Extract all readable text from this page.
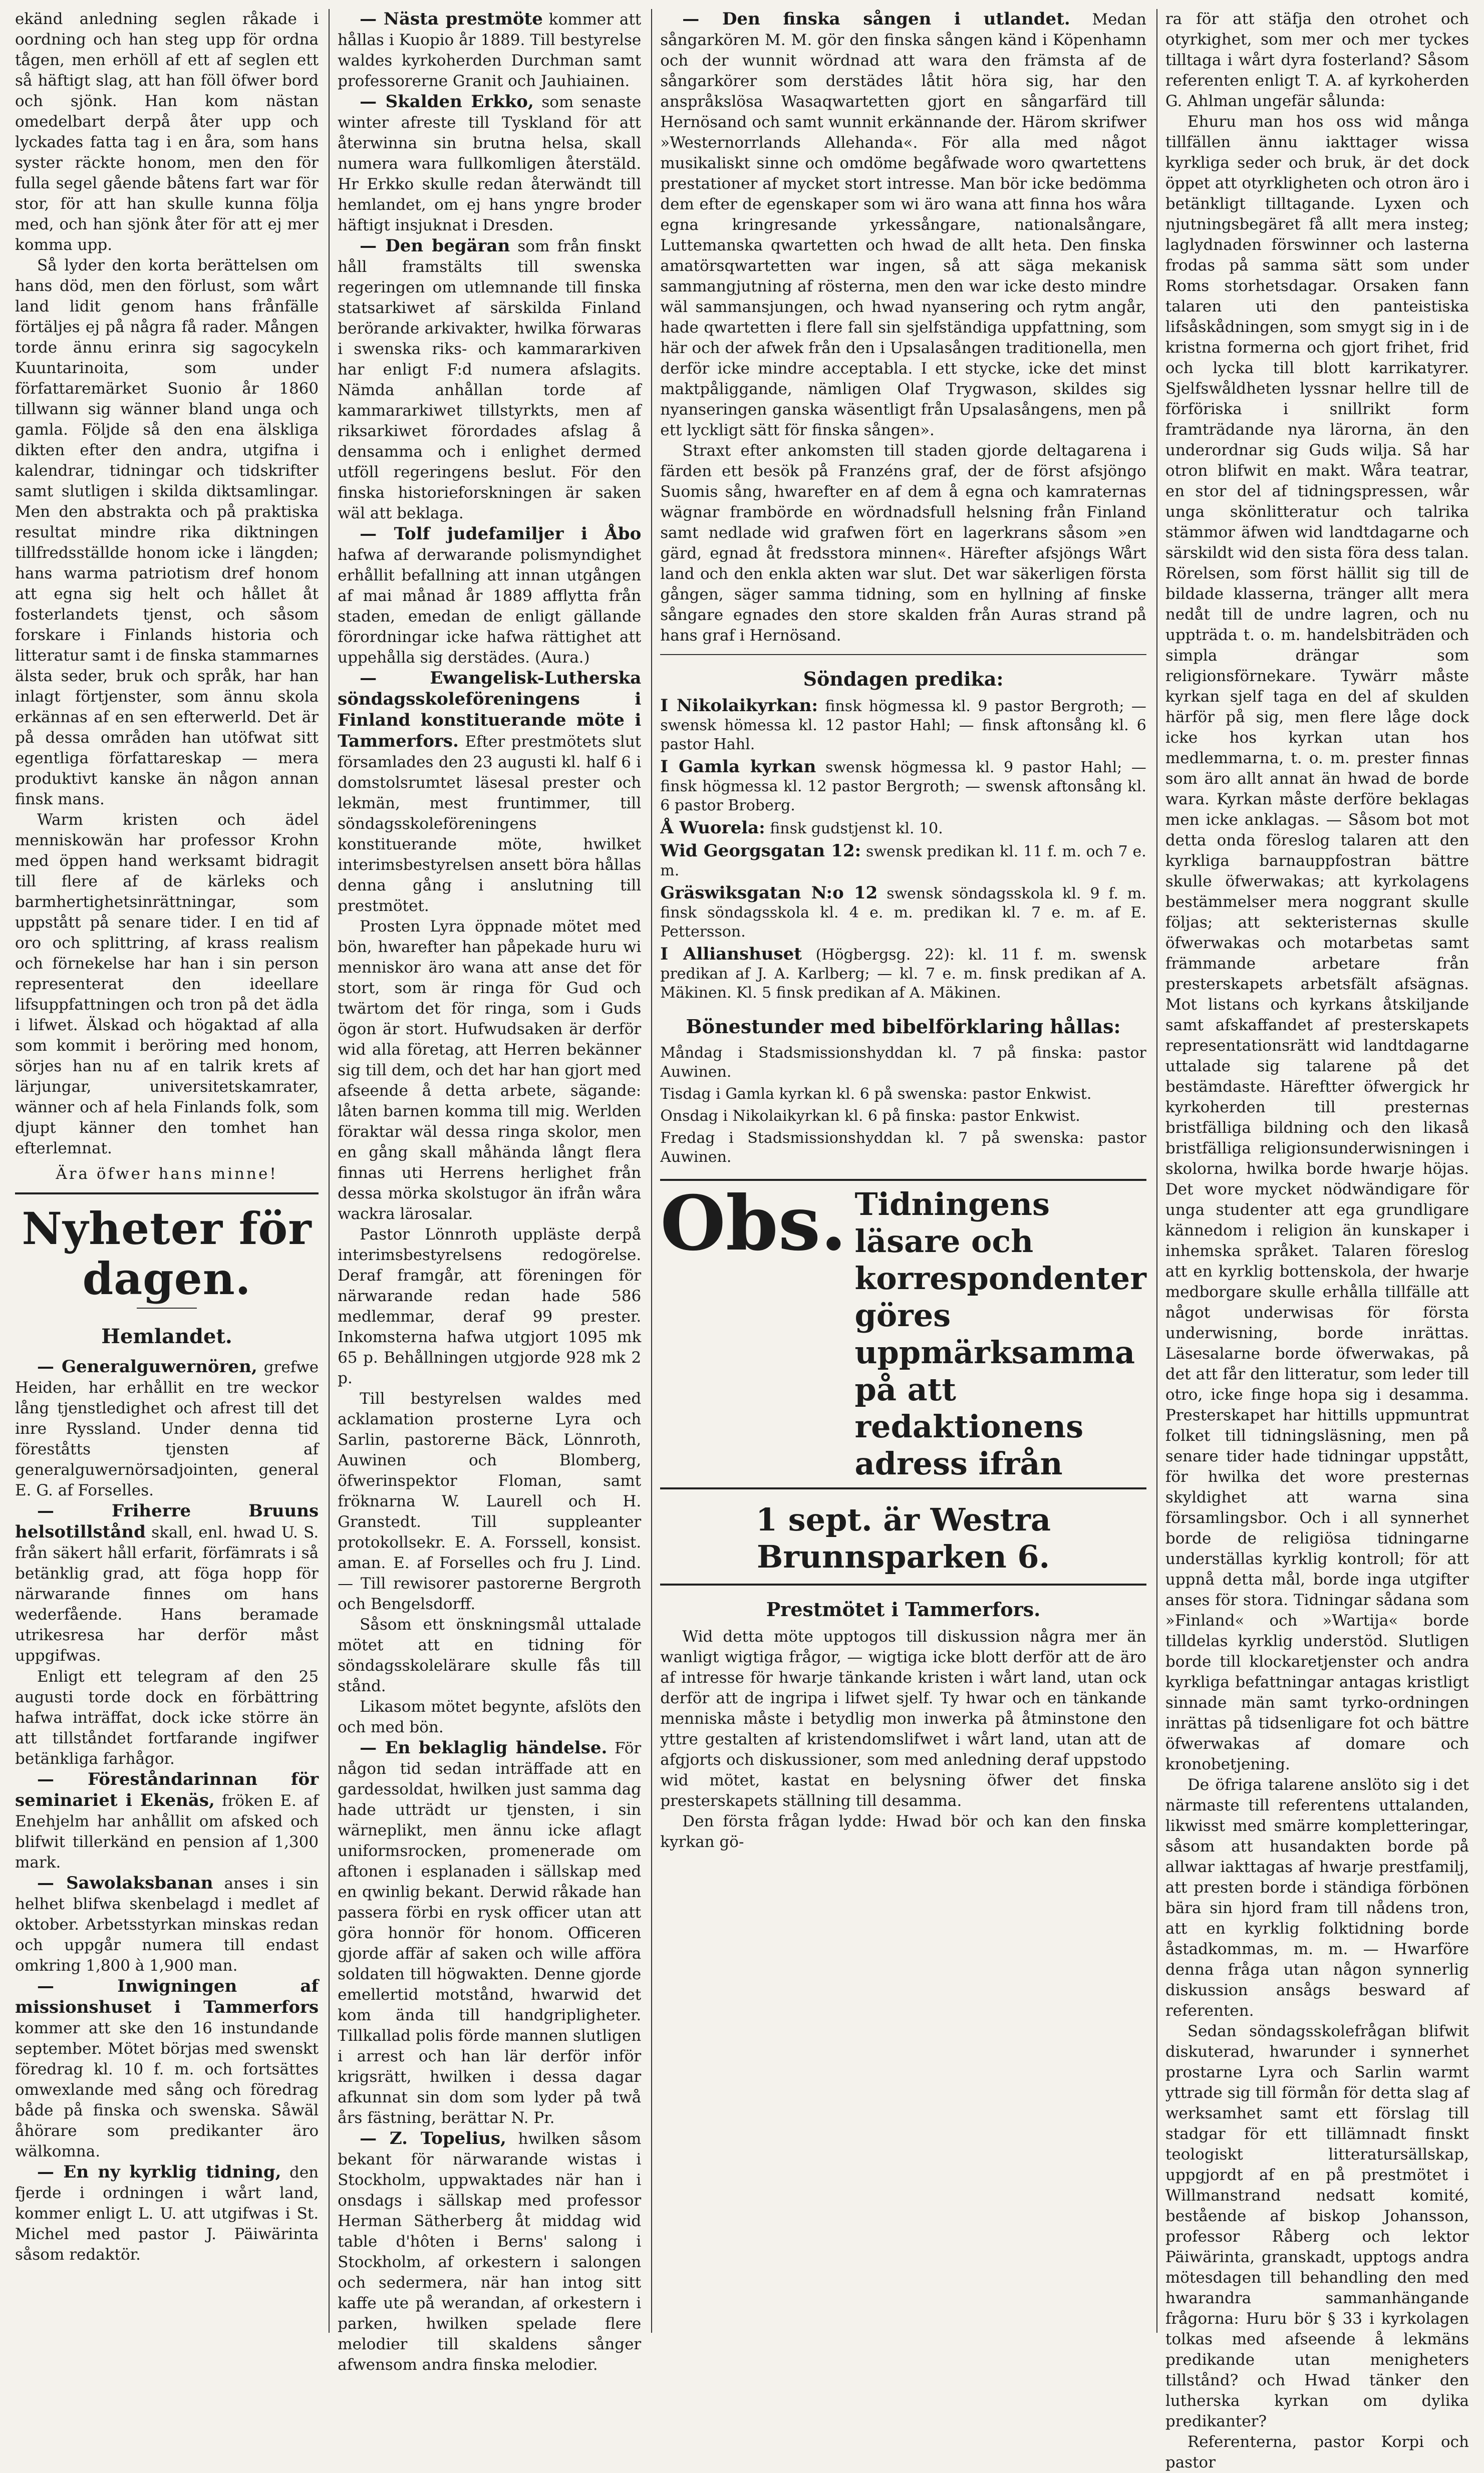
ekänd anledning seglen råkade i oordning och han steg upp för ordna tågen, men erhöll af ett af seglen ett så häftigt slag, att han föll öfwer bord och sjönk. Han kom nästan omedelbart derpå åter upp och lyckades fatta tag i en åra, som hans syster räckte honom, men den för fulla segel gående båtens fart war för stor, för att han skulle kunna följa med, och han sjönk åter för att ej mer komma upp.

Så lyder den korta berättelsen om hans död, men den förlust, som wårt land lidit genom hans frånfälle förtäljes ej på några få rader. Mången torde ännu erinra sig sagocykeln Kuuntarinoita, som under författaremärket Suonio år 1860 tillwann sig wänner bland unga och gamla. Följde så den ena älskliga dikten efter den andra, utgifna i kalendrar, tidningar och tidskrifter samt slutligen i skilda diktsamlingar. Men den abstrakta och på praktiska resultat mindre rika diktningen tillfredsställde honom icke i längden; hans warma patriotism dref honom att egna sig helt och hållet åt fosterlandets tjenst, och såsom forskare i Finlands historia och litteratur samt i de finska stammarnes älsta seder, bruk och språk, har han inlagt förtjenster, som ännu skola erkännas af en sen efterwerld. Det är på dessa områden han utöfwat sitt egentliga författareskap — mera produktivt kanske än någon annan finsk mans.

Warm kristen och ädel menniskowän har professor Krohn med öppen hand werksamt bidragit till flere af de kärleks och barmhertighetsinrättningar, som uppstått på senare tider. I en tid af oro och splittring, af krass realism och förnekelse har han i sin person representerat den ideellare lifsuppfattningen och tron på det ädla i lifwet. Älskad och högaktad af alla som kommit i beröring med honom, sörjes han nu af en talrik krets af lärjungar, universitetskamrater, wänner och af hela Finlands folk, som djupt känner den tomhet han efterlemnat.

Ära öfwer hans minne!

Nyheter för dagen.
Hemlandet.

— Generalguwernören, grefwe Heiden, har erhållit en tre weckor lång tjenstledighet och afrest till det inre Ryssland. Under denna tid föreståtts tjensten af generalguwernörsadjointen, general E. G. af Forselles.

— Friherre Bruuns helsotillstånd skall, enl. hwad U. S. från säkert håll erfarit, förfämrats i så betänklig grad, att föga hopp för närwarande finnes om hans wederfående. Hans beramade utrikesresa har derför måst uppgifwas.

Enligt ett telegram af den 25 augusti torde dock en förbättring hafwa inträffat, dock icke större än att tillståndet fortfarande ingifwer betänkliga farhågor.

— Föreståndarinnan för seminariet i Ekenäs, fröken E. af Enehjelm har anhållit om afsked och blifwit tillerkänd en pension af 1,300 mark.

— Sawolaksbanan anses i sin helhet blifwa skenbelagd i medlet af oktober. Arbetsstyrkan minskas redan och uppgår numera till endast omkring 1,800 à 1,900 man.

— Inwigningen af missionshuset i Tammerfors kommer att ske den 16 instundande september. Mötet börjas med swenskt föredrag kl. 10 f. m. och fortsättes omwexlande med sång och föredrag både på finska och swenska. Såwäl åhörare som predikanter äro wälkomna.

— En ny kyrklig tidning, den fjerde i ordningen i wårt land, kommer enligt L. U. att utgifwas i St. Michel med pastor J. Päiwärinta såsom redaktör.

— Nästa prestmöte kommer att hållas i Kuopio år 1889. Till bestyrelse waldes kyrkoherden Durchman samt professorerne Granit och Jauhiainen.

— Skalden Erkko, som senaste winter afreste till Tyskland för att återwinna sin brutna helsa, skall numera wara fullkomligen återstäld. Hr Erkko skulle redan återwändt till hemlandet, om ej hans yngre broder häftigt insjuknat i Dresden.

— Den begäran som från finskt håll framstälts till swenska regeringen om utlemnande till finska statsarkiwet af särskilda Finland berörande arkivakter, hwilka förwaras i swenska riks- och kammararkiven har enligt F:d numera afslagits. Nämda anhållan torde af kammararkiwet tillstyrkts, men af riksarkiwet förordades afslag å densamma och i enlighet dermed utföll regeringens beslut. För den finska historieforskningen är saken wäl att beklaga.

— Tolf judefamiljer i Åbo hafwa af derwarande polismyndighet erhållit befallning att innan utgången af mai månad år 1889 afflytta från staden, emedan de enligt gällande förordningar icke hafwa rättighet att uppehålla sig derstädes. (Aura.)

— Ewangelisk-Lutherska söndagsskoleföreningens i Finland konstituerande möte i Tammerfors. Efter prestmötets slut församlades den 23 augusti kl. half 6 i domstolsrumtet läsesal prester och lekmän, mest fruntimmer, till söndagsskoleföreningens konstituerande möte, hwilket interimsbestyrelsen ansett böra hållas denna gång i anslutning till prestmötet.

Prosten Lyra öppnade mötet med bön, hwarefter han påpekade huru wi menniskor äro wana att anse det för stort, som är ringa för Gud och twärtom det för ringa, som i Guds ögon är stort. Hufwudsaken är derför wid alla företag, att Herren bekänner sig till dem, och det har han gjort med afseende å detta arbete, sägande: låten barnen komma till mig. Werlden föraktar wäl dessa ringa skolor, men en gång skall måhända långt flera finnas uti Herrens herlighet från dessa mörka skolstugor än ifrån wåra wackra lärosalar.

Pastor Lönnroth uppläste derpå interimsbestyrelsens redogörelse. Deraf framgår, att föreningen för närwarande redan hade 586 medlemmar, deraf 99 prester. Inkomsterna hafwa utgjort 1095 mk 65 p. Behållningen utgjorde 928 mk 2 p.

Till bestyrelsen waldes med acklamation prosterne Lyra och Sarlin, pastorerne Bäck, Lönnroth, Auwinen och Blomberg, öfwerinspektor Floman, samt fröknarna W. Laurell och H. Granstedt. Till suppleanter protokollsekr. E. A. Forssell, konsist. aman. E. af Forselles och fru J. Lind. — Till rewisorer pastorerne Bergroth och Bengelsdorff.

Såsom ett önskningsmål uttalade mötet att en tidning för söndagsskolelärare skulle fås till stånd.

Likasom mötet begynte, afslöts den och med bön.

— En beklaglig händelse. För någon tid sedan inträffade att en gardessoldat, hwilken just samma dag hade utträdt ur tjensten, i sin wärneplikt, men ännu icke aflagt uniformsrocken, promenerade om aftonen i esplanaden i sällskap med en qwinlig bekant. Derwid råkade han passera förbi en rysk officer utan att göra honnör för honom. Officeren gjorde affär af saken och wille afföra soldaten till högwakten. Denne gjorde emellertid motstånd, hwarwid det kom ända till handgripligheter. Tillkallad polis förde mannen slutligen i arrest och han lär derför inför krigsrätt, hwilken i dessa dagar afkunnat sin dom som lyder på twå års fästning, berättar N. Pr.

— Z. Topelius, hwilken såsom bekant för närwarande wistas i Stockholm, uppwaktades när han i onsdags i sällskap med professor Herman Sätherberg åt middag wid table d'hôten i Berns' salong i Stockholm, af orkestern i salongen och sedermera, när han intog sitt kaffe ute på werandan, af orkestern i parken, hwilken spelade flere melodier till skaldens sånger afwensom andra finska melodier.

— Den finska sången i utlandet. Medan sångarkören M. M. gör den finska sången känd i Köpenhamn och der wunnit wördnad att wara den främsta af de sångarkörer som derstädes låtit höra sig, har den anspråkslösa Wasaqwartetten gjort en sångarfärd till Hernösand och samt wunnit erkännande der. Härom skrifwer »Westernorrlands Allehanda«. För alla med något musikaliskt sinne och omdöme begåfwade woro qwartettens prestationer af mycket stort intresse. Man bör icke bedömma dem efter de egenskaper som wi äro wana att finna hos wåra egna kringresande yrkessångare, nationalsångare, Luttemanska qwartetten och hwad de allt heta. Den finska amatörsqwartetten war ingen, så att säga mekanisk sammangjutning af rösterna, men den war icke desto mindre wäl sammansjungen, och hwad nyansering och rytm angår, hade qwartetten i flere fall sin sjelfständiga uppfattning, som här och der afwek från den i Upsalasången traditionella, men derför icke mindre acceptabla. I ett stycke, icke det minst maktpåliggande, nämligen Olaf Trygwason, skildes sig nyanseringen ganska wäsentligt från Upsalasångens, men på ett lyckligt sätt för finska sången».

Straxt efter ankomsten till staden gjorde deltagarena i färden ett besök på Franzéns graf, der de först afsjöngo Suomis sång, hwarefter en af dem å egna och kamraternas wägnar frambörde en wördnadsfull helsning från Finland samt nedlade wid grafwen fört en lagerkrans såsom »en gärd, egnad åt fredsstora minnen«. Härefter afsjöngs Wårt land och den enkla akten war slut. Det war säkerligen första gången, säger samma tidning, som en hyllning af finske sångare egnades den store skalden från Auras strand på hans graf i Hernösand.

Söndagen predika:

I Nikolaikyrkan: finsk högmessa kl. 9 pastor Bergroth; — swensk hömessa kl. 12 pastor Hahl; — finsk aftonsång kl. 6 pastor Hahl.

I Gamla kyrkan swensk högmessa kl. 9 pastor Hahl; — finsk högmessa kl. 12 pastor Bergroth; — swensk aftonsång kl. 6 pastor Broberg.

Å Wuorela: finsk gudstjenst kl. 10.

Wid Georgsgatan 12: swensk predikan kl. 11 f. m. och 7 e. m.

Gräswiksgatan N:o 12 swensk söndagsskola kl. 9 f. m. finsk söndagsskola kl. 4 e. m. predikan kl. 7 e. m. af E. Pettersson.

I Allianshuset (Högbergsg. 22): kl. 11 f. m. swensk predikan af J. A. Karlberg; — kl. 7 e. m. finsk predikan af A. Mäkinen. Kl. 5 finsk predikan af A. Mäkinen.

Bönestunder med bibelförklaring hållas:

Måndag i Stadsmissionshyddan kl. 7 på finska: pastor Auwinen.

Tisdag i Gamla kyrkan kl. 6 på swenska: pastor Enkwist.

Onsdag i Nikolaikyrkan kl. 6 på finska: pastor Enkwist.

Fredag i Stadsmissionshyddan kl. 7 på swenska: pastor Auwinen.

Obs. Tidningens läsare och korrespondenter göres uppmärksamma på att redaktionens adress ifrån
1 sept. är Westra Brunnsparken 6.
Prestmötet i Tammerfors.

Wid detta möte upptogos till diskussion några mer än wanligt wigtiga frågor, — wigtiga icke blott derför att de äro af intresse för hwarje tänkande kristen i wårt land, utan ock derför att de ingripa i lifwet sjelf. Ty hwar och en tänkande menniska måste i betydlig mon inwerka på åtminstone den yttre gestalten af kristendomslifwet i wårt land, utan att de afgjorts och diskussioner, som med anledning deraf uppstodo wid mötet, kastat en belysning öfwer det finska presterskapets ställning till desamma.

Den första frågan lydde: Hwad bör och kan den finska kyrkan gö-

ra för att stäfja den otrohet och otyrkighet, som mer och mer tyckes tilltaga i wårt dyra fosterland? Såsom referenten enligt T. A. af kyrkoherden G. Ahlman ungefär sålunda:

Ehuru man hos oss wid många tillfällen ännu iakttager wissa kyrkliga seder och bruk, är det dock öppet att otyrkligheten och otron äro i betänkligt tilltagande. Lyxen och njutningsbegäret få allt mera insteg; laglydnaden förswinner och lasterna frodas på samma sätt som under Roms storhetsdagar. Orsaken fann talaren uti den panteistiska lifsåskådningen, som smygt sig in i de kristna formerna och gjort frihet, frid och lycka till blott karrikatyrer. Sjelfswåldheten lyssnar hellre till de förföriska i snillrikt form framträdande nya lärorna, än den underordnar sig Guds wilja. Så har otron blifwit en makt. Wåra teatrar, en stor del af tidningspressen, wår unga skönlitteratur och talrika stämmor äfwen wid landtdagarne och särskildt wid den sista föra dess talan. Rörelsen, som först hällit sig till de bildade klasserna, tränger allt mera nedåt till de undre lagren, och nu uppträda t. o. m. handelsbiträden och simpla drängar som religionsförnekare. Tywärr måste kyrkan sjelf taga en del af skulden härför på sig, men flere låge dock icke hos kyrkan utan hos medlemmarna, t. o. m. prester finnas som äro allt annat än hwad de borde wara. Kyrkan måste derföre beklagas men icke anklagas. — Såsom bot mot detta onda föreslog talaren att den kyrkliga barnauppfostran bättre skulle öfwerwakas; att kyrkolagens bestämmelser mera noggrant skulle följas; att sekteristernas skulle öfwerwakas och motarbetas samt främmande arbetare från presterskapets arbetsfält afsägnas. Mot listans och kyrkans åtskiljande samt afskaffandet af presterskapets representationsrätt wid landtdagarne uttalade sig talarene på det bestämdaste. Häreftter öfwergick hr kyrkoherden till presternas bristfälliga bildning och den likaså bristfälliga religionsunderwisningen i skolorna, hwilka borde hwarje höjas. Det wore mycket nödwändigare för unga studenter att ega grundligare kännedom i religion än kunskaper i inhemska språket. Talaren föreslog att en kyrklig bottenskola, der hwarje medborgare skulle erhålla tillfälle att något underwisas för första underwisning, borde inrättas. Läsesalarne borde öfwerwakas, på det att får den litteratur, som leder till otro, icke finge hopa sig i desamma. Presterskapet har hittills uppmuntrat folket till tidningsläsning, men på senare tider hade tidningar uppstått, för hwilka det wore presternas skyldighet att warna sina församlingsbor. Och i all synnerhet borde de religiösa tidningarne underställas kyrklig kontroll; för att uppnå detta mål, borde inga utgifter anses för stora. Tidningar sådana som »Finland« och »Wartija« borde tilldelas kyrklig understöd. Slutligen borde till klockaretjenster och andra kyrkliga befattningar antagas kristligt sinnade män samt tyrko-ordningen inrättas på tidsenligare fot och bättre öfwerwakas af domare och kronobetjening.

De öfriga talarene anslöto sig i det närmaste till referentens uttalanden, likwisst med smärre kompletteringar, såsom att husandakten borde på allwar iakttagas af hwarje prestfamilj, att presten borde i ständiga förbönen bära sin hjord fram till nådens tron, att en kyrklig folktidning borde åstadkommas, m. m. — Hwarföre denna fråga utan någon synnerlig diskussion ansågs besward af referenten.

Sedan söndagsskolefrågan blifwit diskuterad, hwarunder i synnerhet prostarne Lyra och Sarlin warmt yttrade sig till förmån för detta slag af werksamhet samt ett förslag till stadgar för ett tillämnadt finskt teologiskt litteratursällskap, uppgjordt af en på prestmötet i Willmanstrand nedsatt komité, bestående af biskop Johansson, professor Råberg och lektor Päiwärinta, granskadt, upptogs andra mötesdagen till behandling den med hwarandra sammanhängande frågorna: Huru bör § 33 i kyrkolagen tolkas med afseende å lekmäns predikande utan menigheters tillstånd? och Hwad tänker den lutherska kyrkan om dylika predikanter?

Referenterna, pastor Korpi och pastor
